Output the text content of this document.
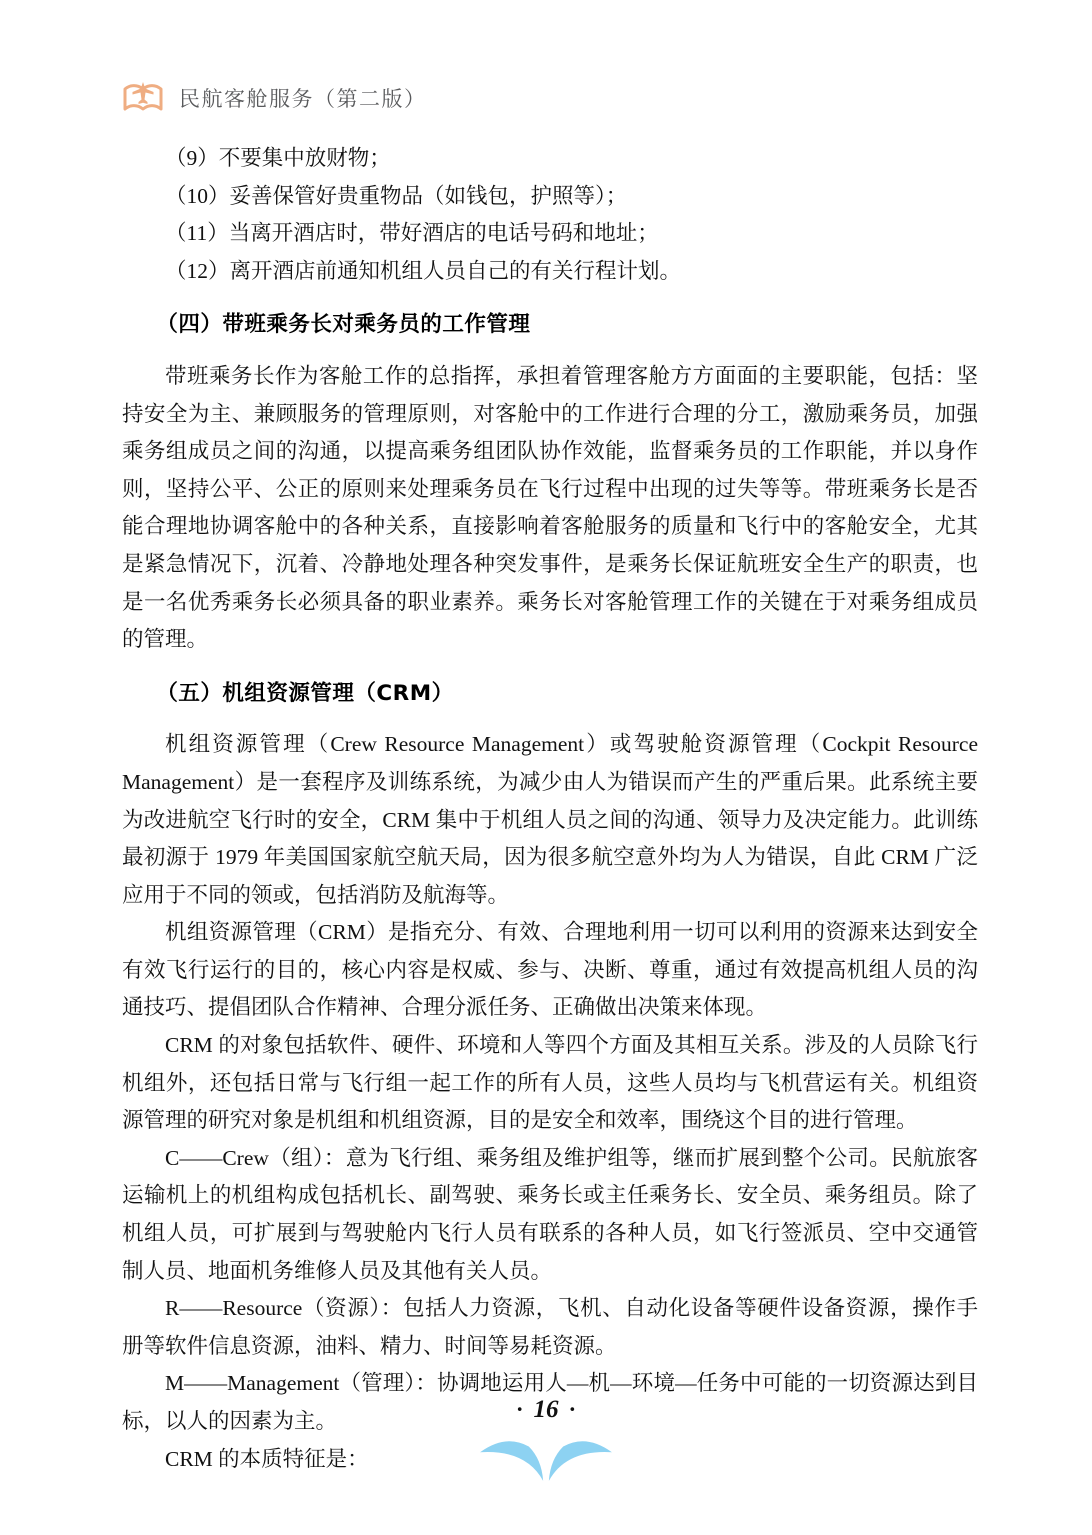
民航客舱服务（第二版）

（9）不要集中放财物；

（10）妥善保管好贵重物品（如钱包，护照等）；

（11）当离开酒店时，带好酒店的电话号码和地址；

（12）离开酒店前通知机组人员自己的有关行程计划。

（四）带班乘务长对乘务员的工作管理

带班乘务长作为客舱工作的总指挥，承担着管理客舱方方面面的主要职能，包括：坚持安全为主、兼顾服务的管理原则，对客舱中的工作进行合理的分工，激励乘务员，加强乘务组成员之间的沟通，以提高乘务组团队协作效能，监督乘务员的工作职能，并以身作则，坚持公平、公正的原则来处理乘务员在飞行过程中出现的过失等等。带班乘务长是否能合理地协调客舱中的各种关系，直接影响着客舱服务的质量和飞行中的客舱安全，尤其是紧急情况下，沉着、冷静地处理各种突发事件，是乘务长保证航班安全生产的职责，也是一名优秀乘务长必须具备的职业素养。乘务长对客舱管理工作的关键在于对乘务组成员的管理。

（五）机组资源管理（CRM）

机组资源管理（Crew Resource Management）或驾驶舱资源管理（Cockpit Resource Management）是一套程序及训练系统，为减少由人为错误而产生的严重后果。此系统主要为改进航空飞行时的安全，CRM 集中于机组人员之间的沟通、领导力及决定能力。此训练最初源于 1979 年美国国家航空航天局，因为很多航空意外均为人为错误，自此 CRM 广泛应用于不同的领或，包括消防及航海等。

机组资源管理（CRM）是指充分、有效、合理地利用一切可以利用的资源来达到安全有效飞行运行的目的，核心内容是权威、参与、决断、尊重，通过有效提高机组人员的沟通技巧、提倡团队合作精神、合理分派任务、正确做出决策来体现。

CRM 的对象包括软件、硬件、环境和人等四个方面及其相互关系。涉及的人员除飞行机组外，还包括日常与飞行组一起工作的所有人员，这些人员均与飞机营运有关。机组资源管理的研究对象是机组和机组资源，目的是安全和效率，围绕这个目的进行管理。

C——Crew（组）：意为飞行组、乘务组及维护组等，继而扩展到整个公司。民航旅客运输机上的机组构成包括机长、副驾驶、乘务长或主任乘务长、安全员、乘务组员。除了机组人员，可扩展到与驾驶舱内飞行人员有联系的各种人员，如飞行签派员、空中交通管制人员、地面机务维修人员及其他有关人员。

R——Resource（资源）：包括人力资源，飞机、自动化设备等硬件设备资源，操作手册等软件信息资源，油料、精力、时间等易耗资源。

M——Management（管理）：协调地运用人—机—环境—任务中可能的一切资源达到目标，以人的因素为主。

CRM 的本质特征是：

· 16 ·
